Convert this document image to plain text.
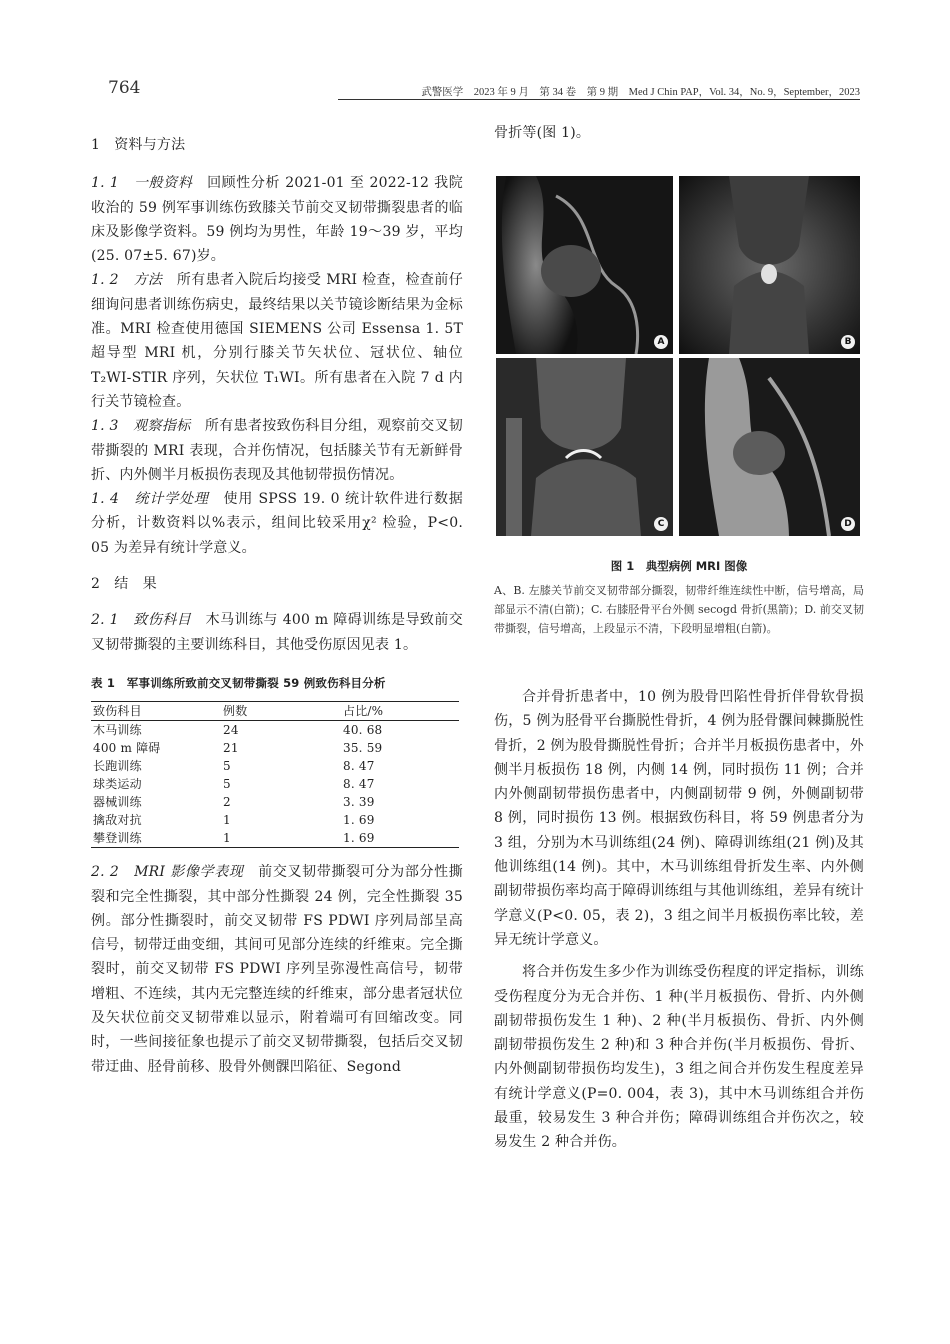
764	武警医学　2023 年 9 月　第 34 卷　第 9 期　Med J Chin PAP，Vol. 34，No. 9，September，2023

1　资料与方法

1. 1　一般资料　 回顾性分析 2021-01 至 2022-12 我院收治的 59 例军事训练伤致膝关节前交叉韧带撕裂患者的临床及影像学资料。59 例均为男性，年龄 19～39 岁，平均(25. 07±5. 67)岁。

1. 2　方法　 所有患者入院后均接受 MRI 检查，检查前仔细询问患者训练伤病史，最终结果以关节镜诊断结果为金标准。MRI 检查使用德国 SIEMENS 公司 Essensa 1. 5T 超导型 MRI 机，分别行膝关节矢状位、冠状位、轴位 T₂WI-STIR 序列，矢状位 T₁WI。所有患者在入院 7 d 内行关节镜检查。

1. 3　观察指标　 所有患者按致伤科目分组，观察前交叉韧带撕裂的 MRI 表现，合并伤情况，包括膝关节有无新鲜骨折、内外侧半月板损伤表现及其他韧带损伤情况。

1. 4　统计学处理　 使用 SPSS 19. 0 统计软件进行数据分析，计数资料以%表示，组间比较采用χ² 检验，P<0. 05 为差异有统计学意义。

2　结　果

2. 1　致伤科目　 木马训练与 400 m 障碍训练是导致前交叉韧带撕裂的主要训练科目，其他受伤原因见表 1。

表 1　军事训练所致前交叉韧带撕裂 59 例致伤科目分析
致伤科目	例数	占比/%
木马训练	24	40. 68
400 m 障碍	21	35. 59
长跑训练	5	8. 47
球类运动	5	8. 47
器械训练	2	3. 39
擒敌对抗	1	1. 69
攀登训练	1	1. 69

2. 2　MRI 影像学表现　 前交叉韧带撕裂可分为部分性撕裂和完全性撕裂，其中部分性撕裂 24 例，完全性撕裂 35 例。部分性撕裂时，前交叉韧带 FS PDWI 序列局部呈高信号，韧带迂曲变细，其间可见部分连续的纤维束。完全撕裂时，前交叉韧带 FS PDWI 序列呈弥漫性高信号，韧带增粗、不连续，其内无完整连续的纤维束，部分患者冠状位及矢状位前交叉韧带难以显示，附着端可有回缩改变。同时，一些间接征象也提示了前交叉韧带撕裂，包括后交叉韧带迂曲、胫骨前移、股骨外侧髁凹陷征、Segond

骨折等(图 1)。

A	B
C	D
图 1　典型病例 MRI 图像
A、B. 左膝关节前交叉韧带部分撕裂，韧带纤维连续性中断，信号增高，局部显示不清(白箭)；C. 右膝胫骨平台外侧 secogd 骨折(黑箭)；D. 前交叉韧带撕裂，信号增高，上段显示不清，下段明显增粗(白箭)。

合并骨折患者中，10 例为股骨凹陷性骨折伴骨软骨损伤，5 例为胫骨平台撕脱性骨折，4 例为胫骨髁间棘撕脱性骨折，2 例为股骨撕脱性骨折；合并半月板损伤患者中，外侧半月板损伤 18 例，内侧 14 例，同时损伤 11 例；合并内外侧副韧带损伤患者中，内侧副韧带 9 例，外侧副韧带 8 例，同时损伤 13 例。根据致伤科目，将 59 例患者分为 3 组，分别为木马训练组(24 例)、障碍训练组(21 例)及其他训练组(14 例)。其中，木马训练组骨折发生率、内外侧副韧带损伤率均高于障碍训练组与其他训练组，差异有统计学意义(P<0. 05，表 2)，3 组之间半月板损伤率比较，差异无统计学意义。

将合并伤发生多少作为训练受伤程度的评定指标，训练受伤程度分为无合并伤、1 种(半月板损伤、骨折、内外侧副韧带损伤发生 1 种)、2 种(半月板损伤、骨折、内外侧副韧带损伤发生 2 种)和 3 种合并伤(半月板损伤、骨折、内外侧副韧带损伤均发生)，3 组之间合并伤发生程度差异有统计学意义(P=0. 004，表 3)，其中木马训练组合并伤最重，较易发生 3 种合并伤；障碍训练组合并伤次之，较易发生 2 种合并伤。
